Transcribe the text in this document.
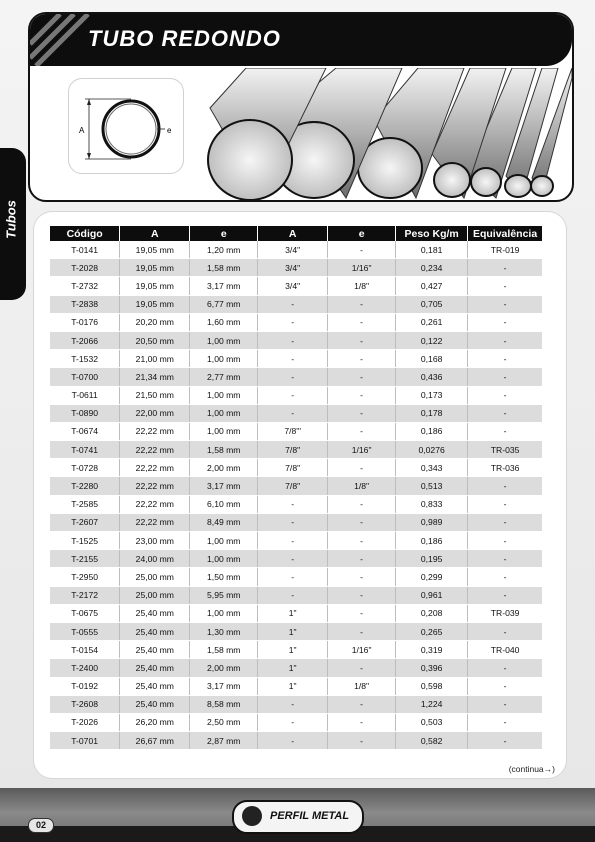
TUBO REDONDO
A	e
Tubos	Código	A	e	A	e	Peso Kg/m	Equivalência
T-0141	19,05 mm	1,20 mm	3/4"	-	0,181	TR-019
T-2028	19,05 mm	1,58 mm	3/4"	1/16"	0,234	-
T-2732	19,05 mm	3,17 mm	3/4"	1/8"	0,427	-
T-2838	19,05 mm	6,77 mm	-	-	0,705	-
T-0176	20,20 mm	1,60 mm	-	-	0,261	-
T-2066	20,50 mm	1,00 mm	-	-	0,122	-
T-1532	21,00 mm	1,00 mm	-	-	0,168	-
T-0700	21,34 mm	2,77 mm	-	-	0,436	-
T-0611	21,50 mm	1,00 mm	-	-	0,173	-
T-0890	22,00 mm	1,00 mm	-	-	0,178	-
T-0674	22,22 mm	1,00 mm	7/8"'	-	0,186	-
T-0741	22,22 mm	1,58 mm	7/8"	1/16"	0,0276	TR-035
T-0728	22,22 mm	2,00 mm	7/8"	-	0,343	TR-036
T-2280	22,22 mm	3,17 mm	7/8"	1/8"	0,513	-
T-2585	22,22 mm	6,10 mm	-	-	0,833	-
T-2607	22,22 mm	8,49 mm	-	-	0,989	-
T-1525	23,00 mm	1,00 mm	-	-	0,186	-
T-2155	24,00 mm	1,00 mm	-	-	0,195	-
T-2950	25,00 mm	1,50 mm	-	-	0,299	-
T-2172	25,00 mm	5,95 mm	-	-	0,961	-
T-0675	25,40 mm	1,00 mm	1"	-	0,208	TR-039
T-0555	25,40 mm	1,30 mm	1"	-	0,265	-
T-0154	25,40 mm	1,58 mm	1"	1/16"	0,319	TR-040
T-2400	25,40 mm	2,00 mm	1"	-	0,396	-
T-0192	25,40 mm	3,17 mm	1"	1/8"	0,598	-
T-2608	25,40 mm	8,58 mm	-	-	1,224	-
T-2026	26,20 mm	2,50 mm	-	-	0,503	-
T-0701	26,67 mm	2,87 mm	-	-	0,582	-
(continua→)
02
PERFIL METAL
